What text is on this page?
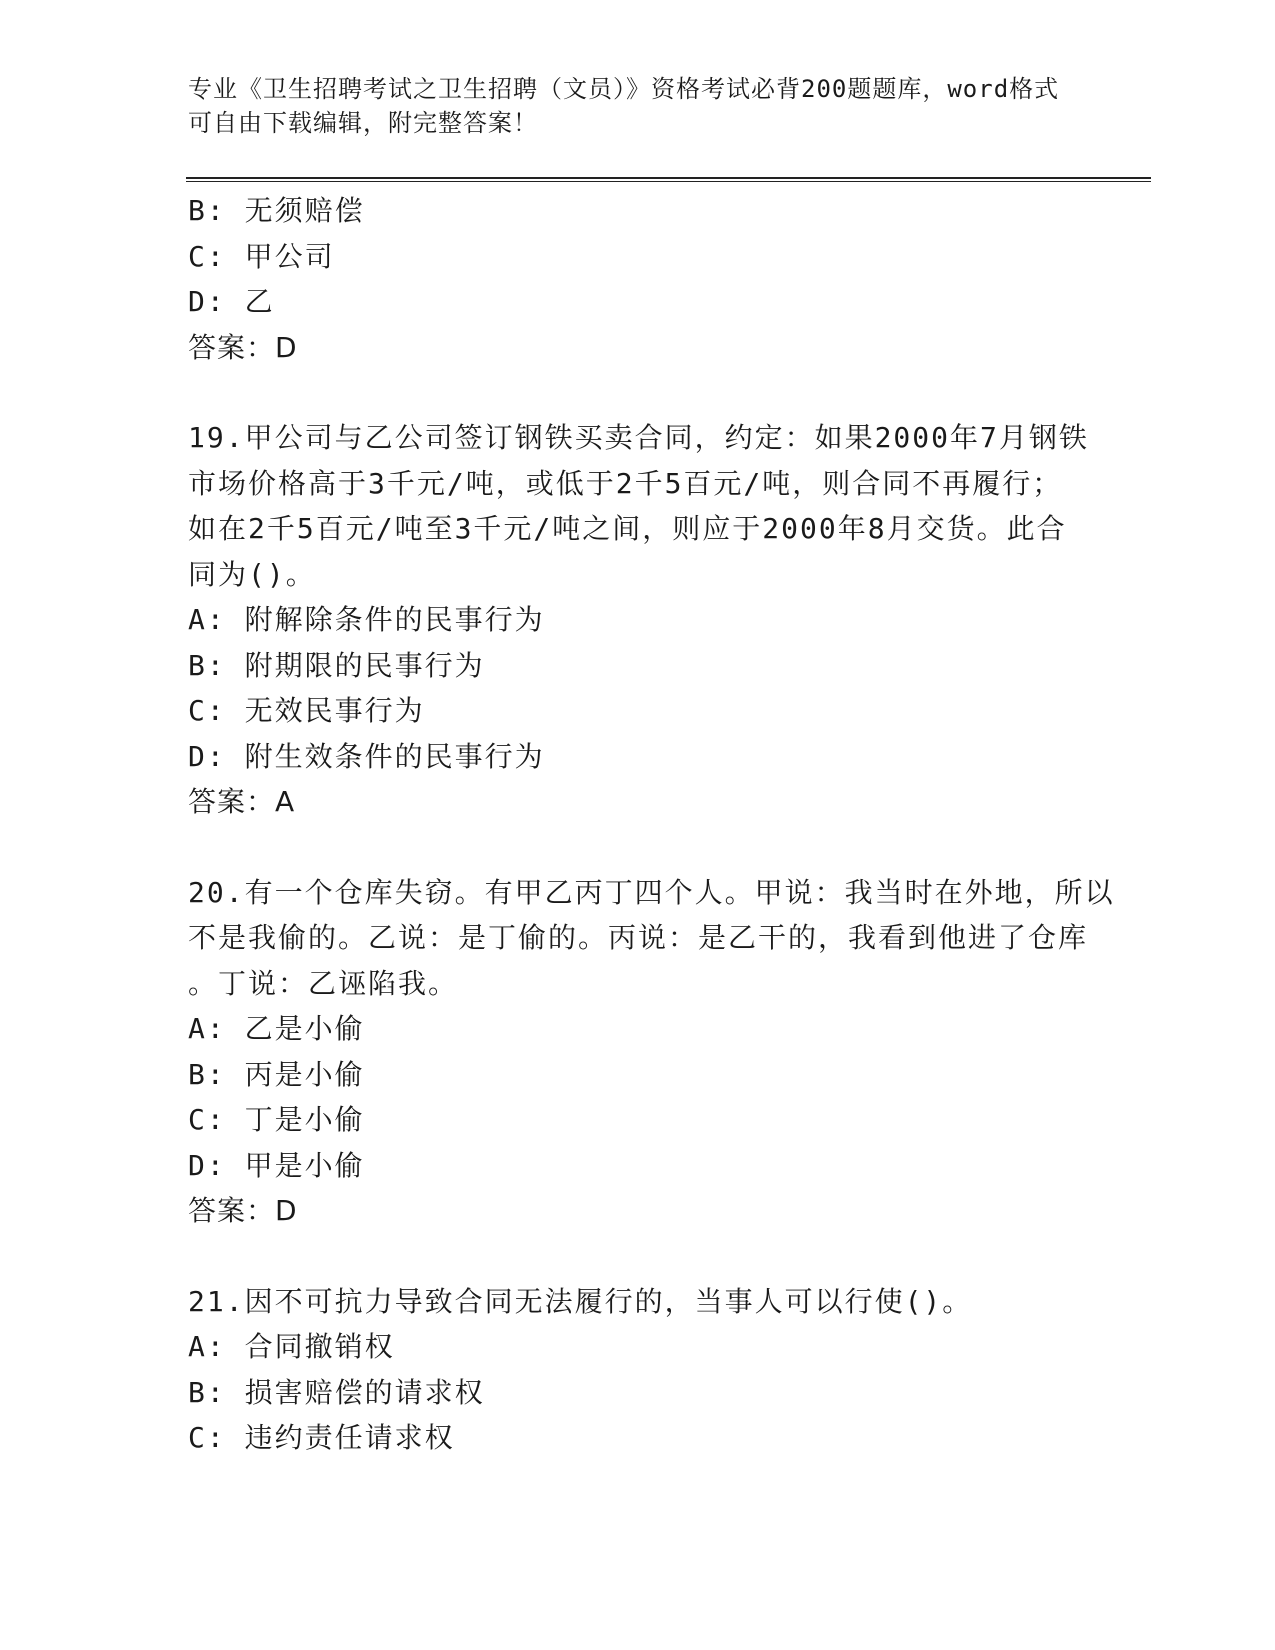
专业《卫生招聘考试之卫生招聘（文员）》资格考试必背200题题库，word格式
可自由下载编辑，附完整答案！
B: 无须赔偿
C: 甲公司
D: 乙
答案：D
19.甲公司与乙公司签订钢铁买卖合同，约定：如果2000年7月钢铁
市场价格高于3千元/吨，或低于2千5百元/吨，则合同不再履行；
如在2千5百元/吨至3千元/吨之间，则应于2000年8月交货。此合
同为()。
A: 附解除条件的民事行为
B: 附期限的民事行为
C: 无效民事行为
D: 附生效条件的民事行为
答案：A
20.有一个仓库失窃。有甲乙丙丁四个人。甲说：我当时在外地，所以
不是我偷的。乙说：是丁偷的。丙说：是乙干的，我看到他进了仓库
。丁说：乙诬陷我。
A: 乙是小偷
B: 丙是小偷
C: 丁是小偷
D: 甲是小偷
答案：D
21.因不可抗力导致合同无法履行的，当事人可以行使()。
A: 合同撤销权
B: 损害赔偿的请求权
C: 违约责任请求权
